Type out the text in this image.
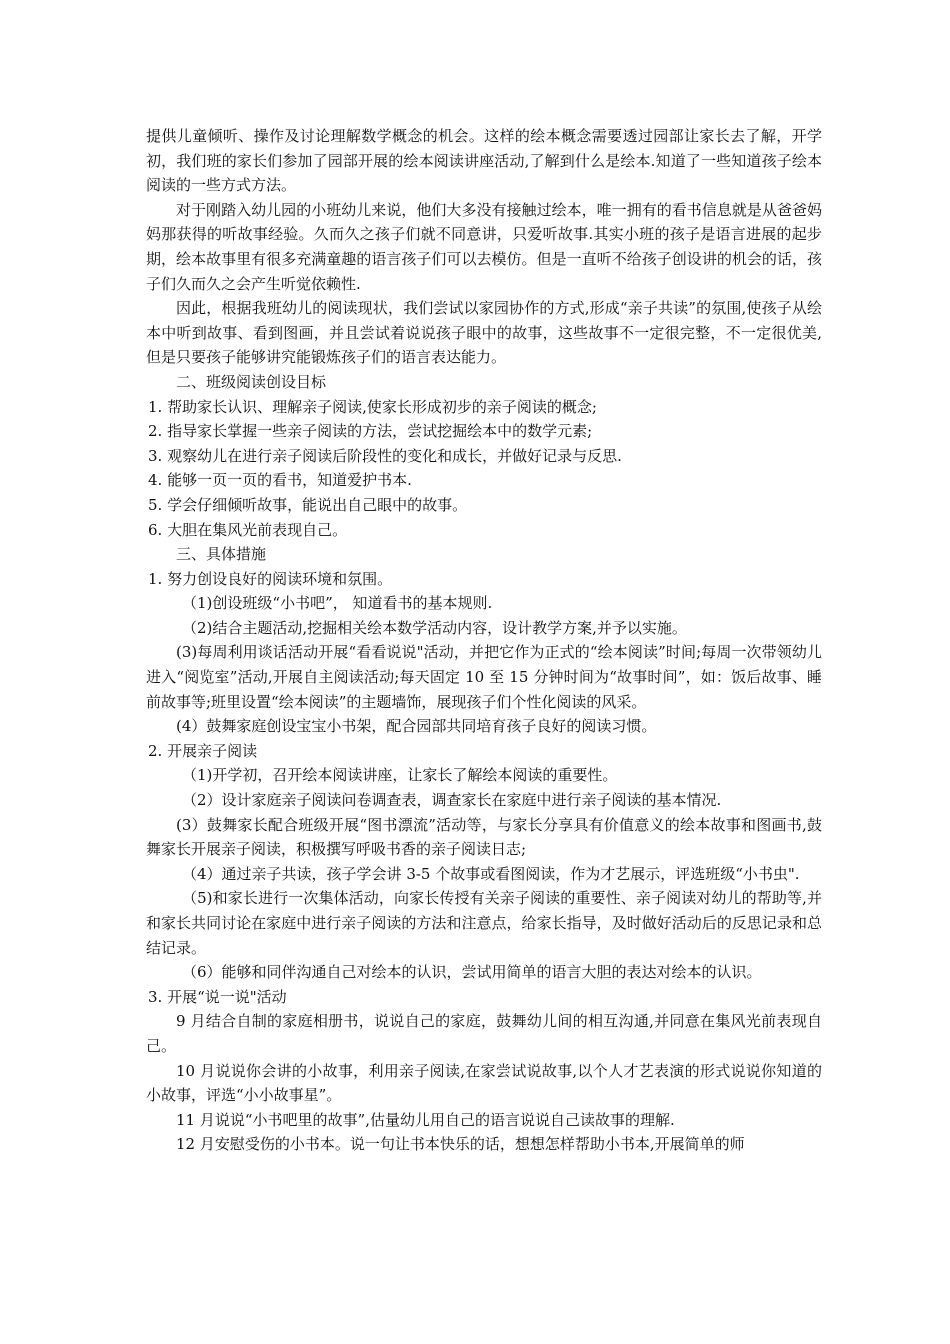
提供儿童倾听、操作及讨论理解数学概念的机会。这样的绘本概念需要透过园部让家长去了解，开学初，我们班的家长们参加了园部开展的绘本阅读讲座活动,了解到什么是绘本.知道了一些知道孩子绘本阅读的一些方式方法。

对于刚踏入幼儿园的小班幼儿来说，他们大多没有接触过绘本，唯一拥有的看书信息就是从爸爸妈妈那获得的听故事经验。久而久之孩子们就不同意讲，只爱听故事.其实小班的孩子是语言进展的起步期，绘本故事里有很多充满童趣的语言孩子们可以去模仿。但是一直听不给孩子创设讲的机会的话，孩子们久而久之会产生听觉依赖性.

因此，根据我班幼儿的阅读现状，我们尝试以家园协作的方式,形成“亲子共读”的氛围,使孩子从绘本中听到故事、看到图画，并且尝试着说说孩子眼中的故事，这些故事不一定很完整，不一定很优美,但是只要孩子能够讲究能锻炼孩子们的语言表达能力。

二、班级阅读创设目标

1. 帮助家长认识、理解亲子阅读,使家长形成初步的亲子阅读的概念;

2. 指导家长掌握一些亲子阅读的方法，尝试挖掘绘本中的数学元素;

3. 观察幼儿在进行亲子阅读后阶段性的变化和成长，并做好记录与反思.

4. 能够一页一页的看书，知道爱护书本.

5. 学会仔细倾听故事，能说出自己眼中的故事。

6. 大胆在集风光前表现自己。

三、具体措施

1. 努力创设良好的阅读环境和氛围。

（1)创设班级“小书吧”， 知道看书的基本规则.

（2)结合主题活动,挖掘相关绘本数学活动内容，设计教学方案,并予以实施。

(3)每周利用谈话活动开展“看看说说"活动，并把它作为正式的“绘本阅读”时间;每周一次带领幼儿进入“阅览室”活动,开展自主阅读活动;每天固定 10 至 15 分钟时间为“故事时间”，如：饭后故事、睡前故事等;班里设置“绘本阅读”的主题墙饰，展现孩子们个性化阅读的风采。

(4）鼓舞家庭创设宝宝小书架，配合园部共同培育孩子良好的阅读习惯。

2. 开展亲子阅读

（1)开学初，召开绘本阅读讲座，让家长了解绘本阅读的重要性。

（2）设计家庭亲子阅读问卷调查表，调查家长在家庭中进行亲子阅读的基本情况.

(3）鼓舞家长配合班级开展“图书漂流”活动等，与家长分享具有价值意义的绘本故事和图画书,鼓舞家长开展亲子阅读，积极撰写呼吸书香的亲子阅读日志;

（4）通过亲子共读，孩子学会讲 3-5 个故事或看图阅读，作为才艺展示，评选班级“小书虫".

（5)和家长进行一次集体活动，向家长传授有关亲子阅读的重要性、亲子阅读对幼儿的帮助等,并和家长共同讨论在家庭中进行亲子阅读的方法和注意点，给家长指导，及时做好活动后的反思记录和总结记录。

（6）能够和同伴沟通自己对绘本的认识，尝试用简单的语言大胆的表达对绘本的认识。

3. 开展“说一说"活动

9 月结合自制的家庭相册书，说说自己的家庭，鼓舞幼儿间的相互沟通,并同意在集风光前表现自己。

10 月说说你会讲的小故事，利用亲子阅读,在家尝试说故事,以个人才艺表演的形式说说你知道的小故事，评选“小小故事星”。

11 月说说“小书吧里的故事”,估量幼儿用自己的语言说说自己读故事的理解.

12 月安慰受伤的小书本。说一句让书本快乐的话，想想怎样帮助小书本,开展简单的师
